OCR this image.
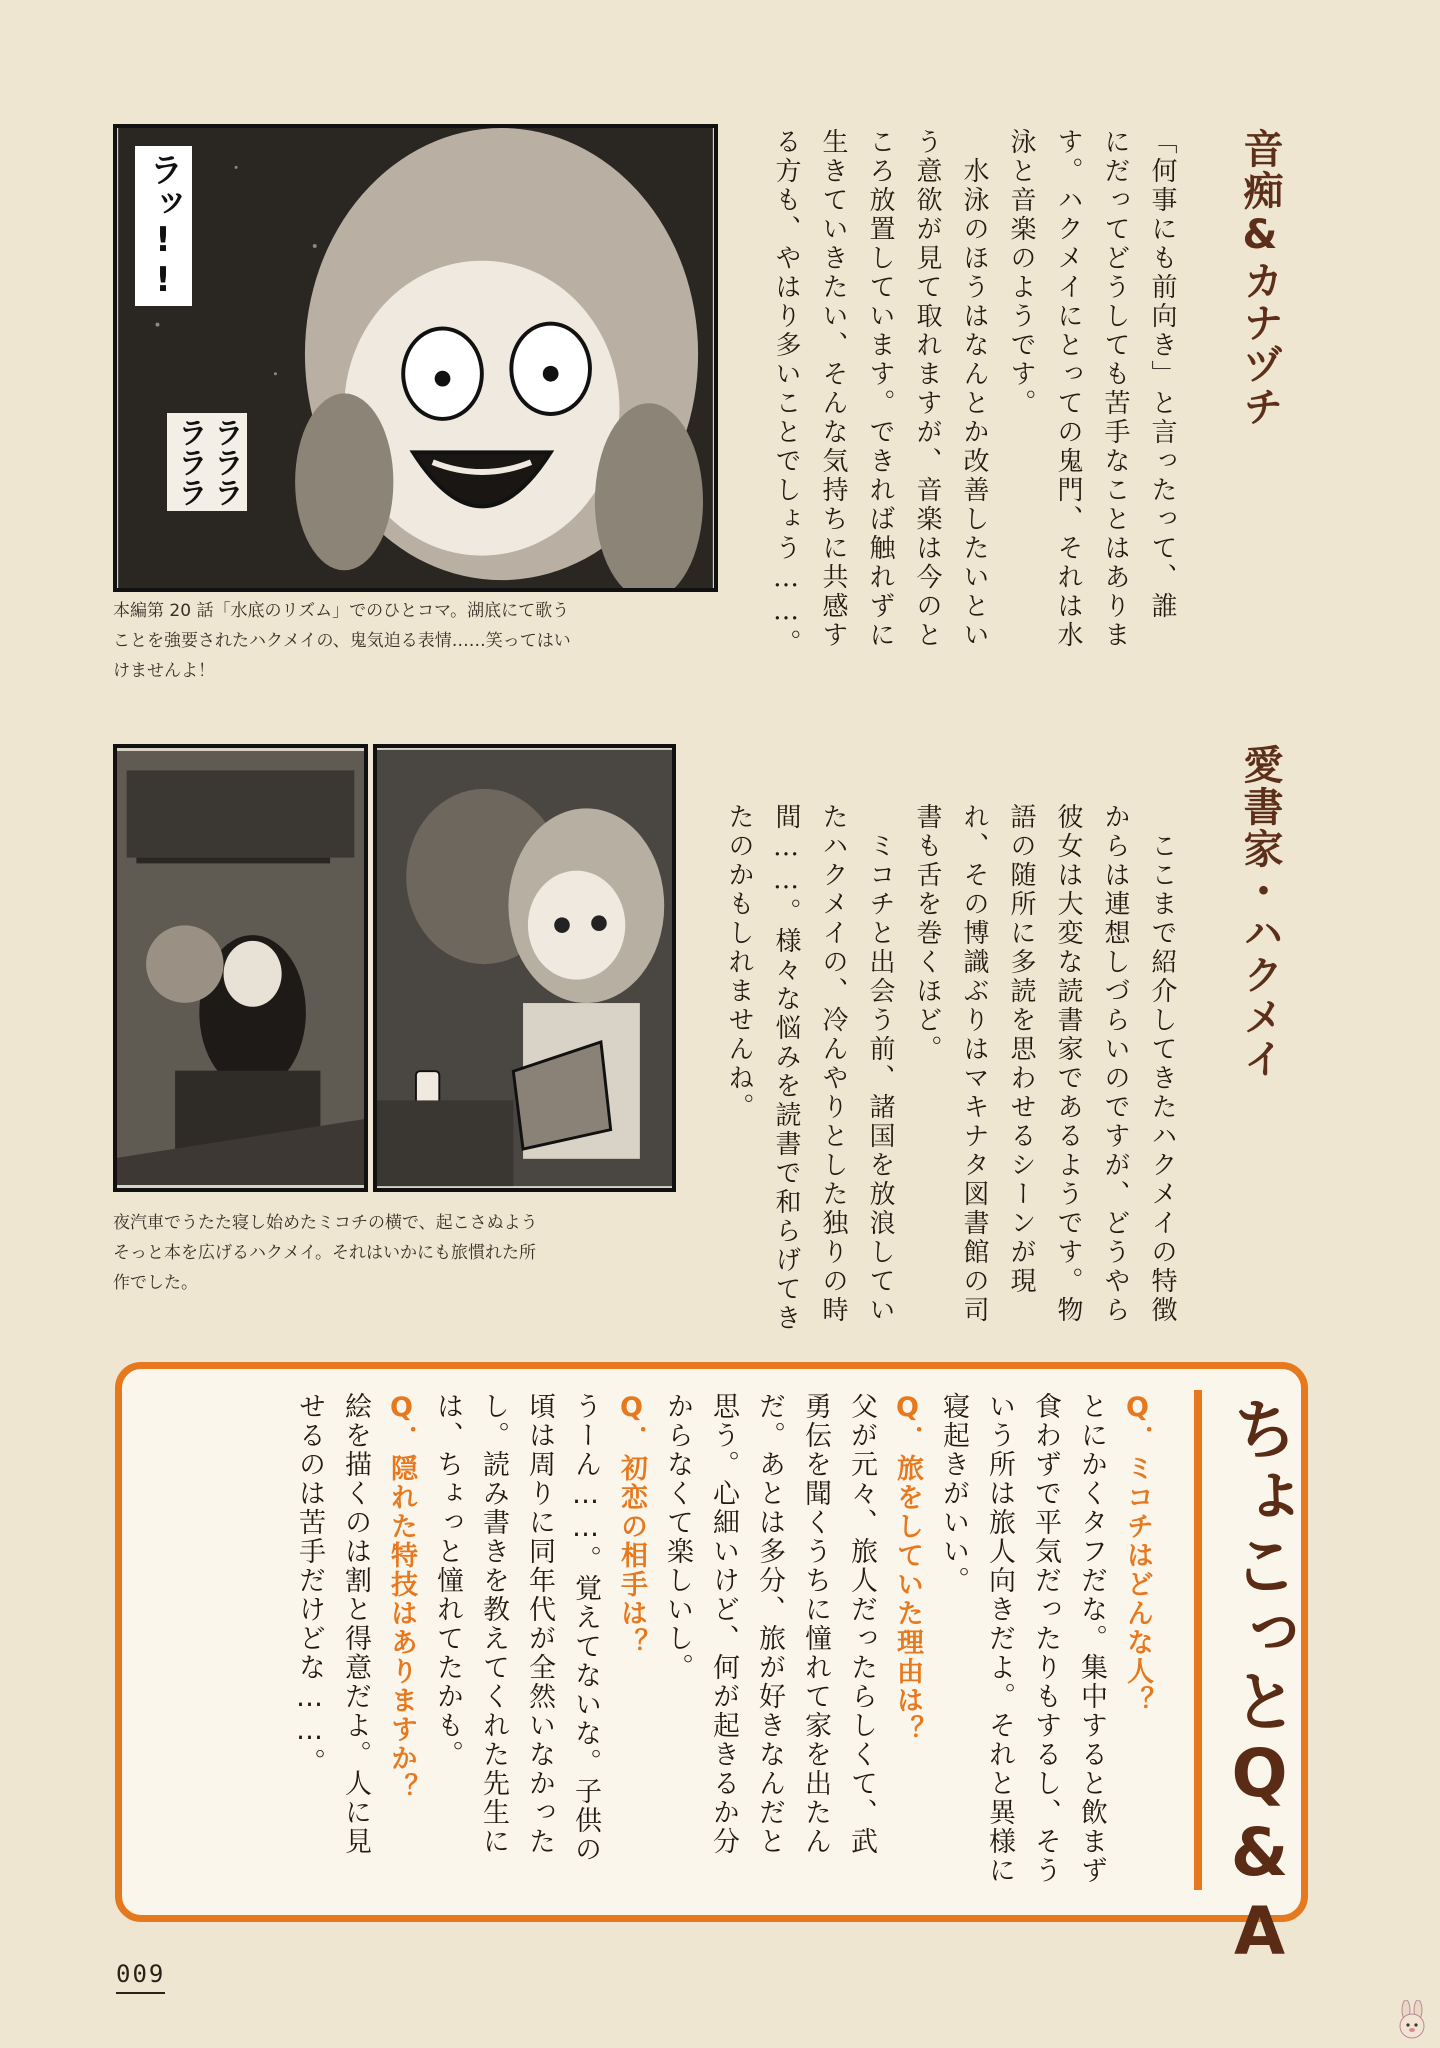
ラッ!!
ラララ
ラララ
本編第 20 話「水底のリズム」でのひとコマ。湖底にて歌う
ことを強要されたハクメイの、鬼気迫る表情……笑ってはい
けませんよ！
音痴&カナヅチ
「何事にも前向き」と言ったって、誰
にだってどうしても苦手なことはありま
す。ハクメイにとっての鬼門、それは水
泳と音楽のようです。
　水泳のほうはなんとか改善したいとい
う意欲が見て取れますが、音楽は今のと
ころ放置しています。できれば触れずに
生きていきたい、そんな気持ちに共感す
る方も、やはり多いことでしょう……。
夜汽車でうたた寝し始めたミコチの横で、起こさぬよう
そっと本を広げるハクメイ。それはいかにも旅慣れた所
作でした。
愛書家・ハクメイ
　ここまで紹介してきたハクメイの特徴
からは連想しづらいのですが、どうやら
彼女は大変な読書家であるようです。物
語の随所に多読を思わせるシーンが現
れ、その博識ぶりはマキナタ図書館の司
書も舌を巻くほど。
　ミコチと出会う前、諸国を放浪してい
たハクメイの、冷んやりとした独りの時
間……。様々な悩みを読書で和らげてき
たのかもしれませんね。
ちょこっとQ&A
Q．ミコチはどんな人？
とにかくタフだな。集中すると飲まず
食わずで平気だったりもするし、そう
いう所は旅人向きだよ。それと異様に
寝起きがいい。

Q．旅をしていた理由は？
父が元々、旅人だったらしくて、武
勇伝を聞くうちに憧れて家を出たん
だ。あとは多分、旅が好きなんだと
思う。心細いけど、何が起きるか分
からなくて楽しいし。

Q．初恋の相手は？
うーん……。覚えてないな。子供の
頃は周りに同年代が全然いなかった
し。読み書きを教えてくれた先生に
は、ちょっと憧れてたかも。

Q．隠れた特技はありますか？
絵を描くのは割と得意だよ。人に見
せるのは苦手だけどな……。
009
